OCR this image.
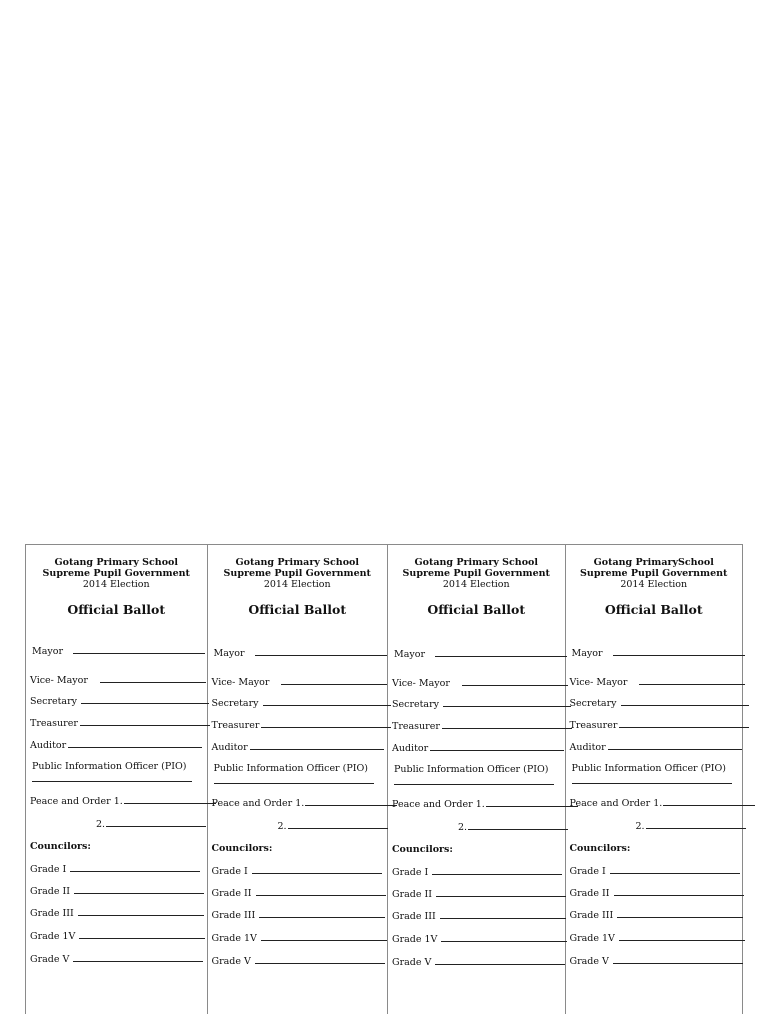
Gotang Primary School
Supreme Pupil Government
2014 Election
Official Ballot
Mayor
Vice- Mayor
Secretary
Treasurer
Auditor
Public Information Officer (PIO)
Peace and Order 1.
2.
Councilors:
Grade I
Grade II
Grade III
Grade 1V
Grade V
Gotang Primary School
Supreme Pupil Government
2014 Election
Official Ballot
Mayor
Vice- Mayor
Secretary
Treasurer
Auditor
Public Information Officer (PIO)
Peace and Order 1.
2.
Councilors:
Grade I
Grade II
Grade III
Grade 1V
Grade V
Gotang Primary School
Supreme Pupil Government
2014 Election
Official Ballot
Mayor
Vice- Mayor
Secretary
Treasurer
Auditor
Public Information Officer (PIO)
Peace and Order 1.
2.
Councilors:
Grade I
Grade II
Grade III
Grade 1V
Grade V
Gotang PrimarySchool
Supreme Pupil Government
2014 Election
Official Ballot
Mayor
Vice- Mayor
Secretary
Treasurer
Auditor
Public Information Officer (PIO)
Peace and Order 1.
2.
Councilors:
Grade I
Grade II
Grade III
Grade 1V
Grade V
